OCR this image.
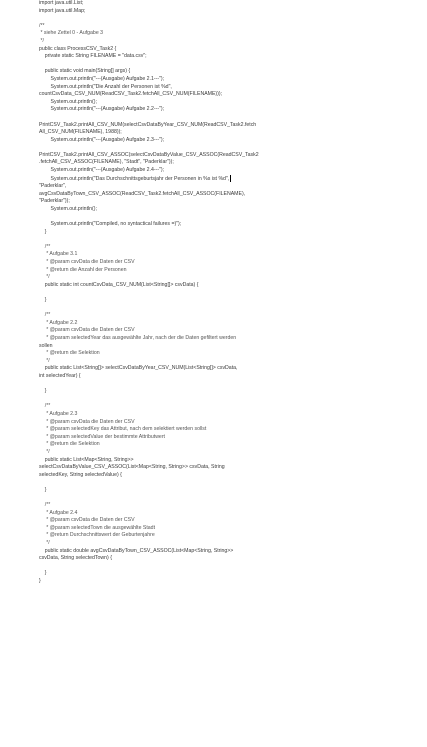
import java.util.List;
import java.util.Map;
/**
* siehe Zettel 0 - Aufgabe 3
*/
public class ProcessCSV_Task2 {
private static String FILENAME = "data.csv";
public static void main(String[] args) {
System.out.println("---(Ausgabe) Aufgabe 2.1---");
System.out.println("Die Anzahl der Personen ist %d",
countCsvData_CSV_NUM(ReadCSV_Task2.fetchAll_CSV_NUM(FILENAME)));
System.out.println();
System.out.println("---(Ausgabe) Aufgabe 2.2---");
PrintCSV_Task2.printAll_CSV_NUM(selectCsvDataByYear_CSV_NUM(ReadCSV_Task2.fetch
All_CSV_NUM(FILENAME), 1988));
System.out.println("---(Ausgabe) Aufgabe 2.3---");
PrintCSV_Task2.printAll_CSV_ASSOC(selectCsvDataByValue_CSV_ASSOC(ReadCSV_Task2
.fetchAll_CSV_ASSOC(FILENAME), "Stadt", "Paderklar"));
System.out.println("---(Ausgabe) Aufgabe 2.4---");
System.out.println("Das Durchschnittsgeburtsjahr der Personen in %s ist %d",
"Paderklar",
avgCsvDataByTown_CSV_ASSOC(ReadCSV_Task2.fetchAll_CSV_ASSOC(FILENAME),
"Paderklar"));
System.out.println();
System.out.println("Compiled, no syntactical failures =)");
}
/**
* Aufgabe 3.1
* @param csvData die Daten der CSV
* @return die Anzahl der Personen
*/
public static int countCsvData_CSV_NUM(List<String[]> csvData) {
}
/**
* Aufgabe 2.2
* @param csvData die Daten der CSV
* @param selectedYear das ausgewählte Jahr, nach der die Daten gefiltert werden
sollen
* @return die Selektion
*/
public static List<String[]> selectCsvDataByYear_CSV_NUM(List<String[]> csvData,
int selectedYear) {
}
/**
* Aufgabe 2.3
* @param csvData die Daten der CSV
* @param selectedKey das Attribut, nach dem selektiert werden sollst
* @param selectedValue der bestimmte Attributwert
* @return die Selektion
*/
public static List<Map<String, String>>
selectCsvDataByValue_CSV_ASSOC(List<Map<String, String>> csvData, String
selectedKey, String selectedValue) {
}
/**
* Aufgabe 2.4
* @param csvData die Daten der CSV
* @param selectedTown die ausgewählte Stadt
* @return Durchschnittswert der Geburtenjahre
*/
public static double avgCsvDataByTown_CSV_ASSOC(List<Map<String, String>>
csvData, String selectedTown) {
}
}
